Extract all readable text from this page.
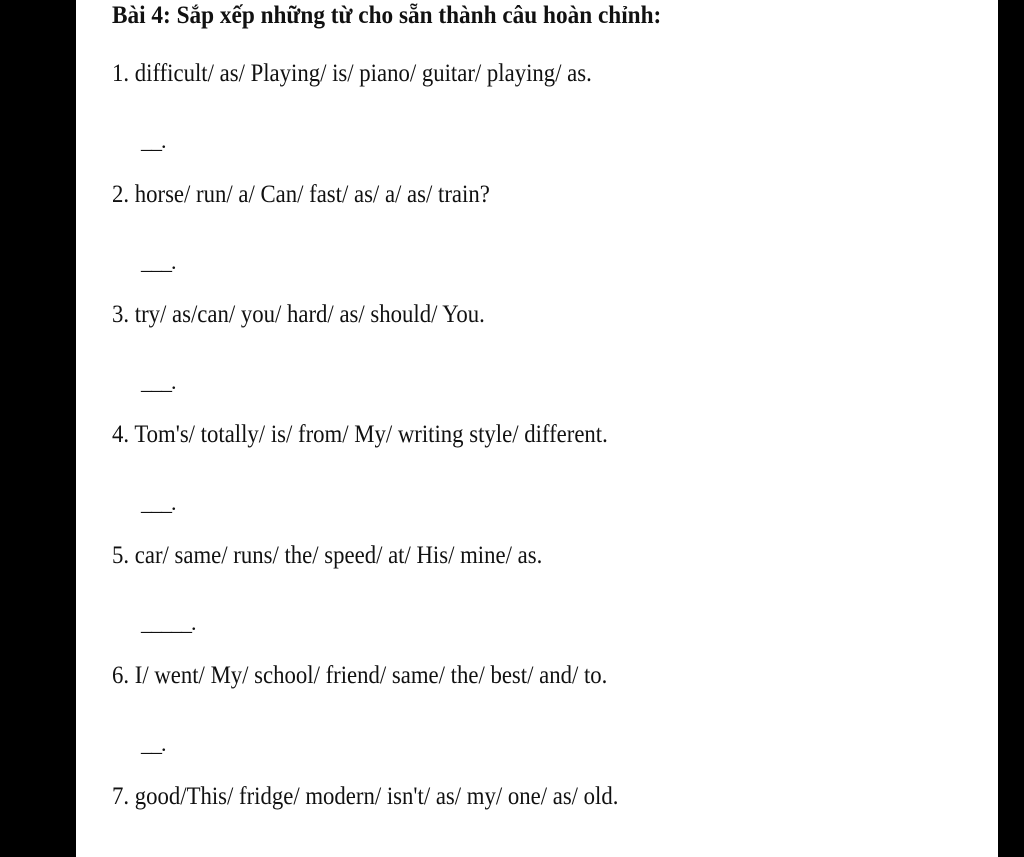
Bài 4: Sắp xếp những từ cho sẵn thành câu hoàn chỉnh:
1. difficult/ as/ Playing/ is/ piano/ guitar/ playing/ as.
__.
2. horse/ run/ a/ Can/ fast/ as/ a/ as/ train?
___.
3. try/ as/can/ you/ hard/ as/ should/ You.
___.
4. Tom's/ totally/ is/ from/ My/ writing style/ different.
___.
5. car/ same/ runs/ the/ speed/ at/ His/ mine/ as.
_____.
6. I/ went/ My/ school/ friend/ same/ the/ best/ and/ to.
__.
7. good/This/ fridge/ modern/ isn't/ as/ my/ one/ as/ old.
